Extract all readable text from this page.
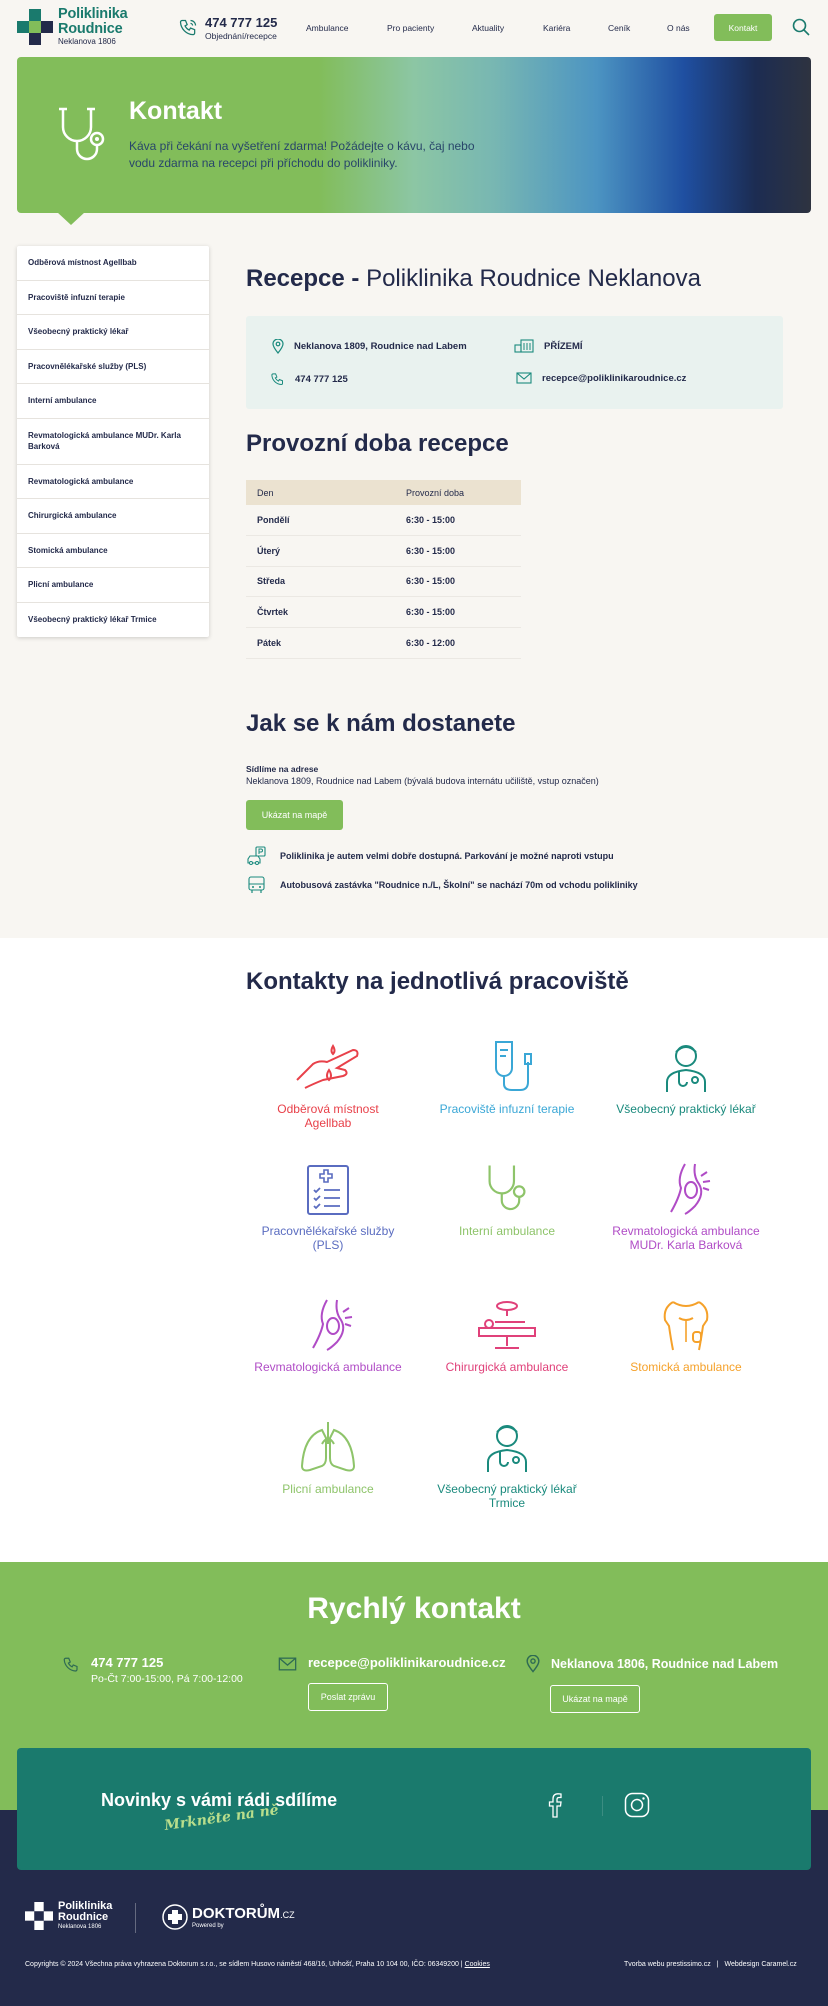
Poliklinika
Roudnice
Neklanova 1806
474 777 125
Objednání/recepce
Ambulance	Pro pacienty	Aktuality	Kariéra	Ceník	O nás	Kontakt
Kontakt
Káva při čekání na vyšetření zdarma! Požádejte o kávu, čaj nebo vodu zdarma na recepci při příchodu do polikliniky.
Odběrová místnost Agellbab
Pracoviště infuzní terapie
Všeobecný praktický lékař
Pracovnělékařské služby (PLS)
Interní ambulance
Revmatologická ambulance MUDr. Karla Barková
Revmatologická ambulance
Chirurgická ambulance
Stomická ambulance
Plicní ambulance
Všeobecný praktický lékař Trmice
Recepce - Poliklinika Roudnice Neklanova
Neklanova 1809, Roudnice nad Labem	PŘÍZEMÍ
474 777 125	recepce@poliklinikaroudnice.cz
Provozní doba recepce
Den	Provozní doba
Pondělí	6:30 - 15:00
Úterý	6:30 - 15:00
Středa	6:30 - 15:00
Čtvrtek	6:30 - 15:00
Pátek	6:30 - 12:00
Jak se k nám dostanete
Sídlíme na adrese
Neklanova 1809, Roudnice nad Labem (bývalá budova internátu učiliště, vstup označen)
Ukázat na mapě
Poliklinika je autem velmi dobře dostupná. Parkování je možné naproti vstupu
Autobusová zastávka "Roudnice n./L, Školní" se nachází 70m od vchodu polikliniky
Kontakty na jednotlivá pracoviště
Odběrová místnost Agellbab
Pracoviště infuzní terapie	Všeobecný praktický lékař
Pracovnělékařské služby (PLS)
Interní ambulance	Revmatologická ambulance MUDr. Karla Barková
Revmatologická ambulance	Chirurgická ambulance	Stomická ambulance
Plicní ambulance	Všeobecný praktický lékař Trmice
Rychlý kontakt
474 777 125
Po-Čt 7:00-15:00, Pá 7:00-12:00
recepce@poliklinikaroudnice.cz
Poslat zprávu
Neklanova 1806, Roudnice nad Labem
Ukázat na mapě
Novinky s vámi rádi sdílíme
Mrkněte na ně
Poliklinika
Roudnice
Neklanova 1806
DOKTORŮM.CZ
Powered by
Copyrights © 2024 Všechna práva vyhrazena Doktorum s.r.o., se sídlem Husovo náměstí 468/16, Unhošť, Praha 10 104 00, IČO: 06349200 | Cookies	Tvorba webu prestissimo.cz | Webdesign Caramel.cz
